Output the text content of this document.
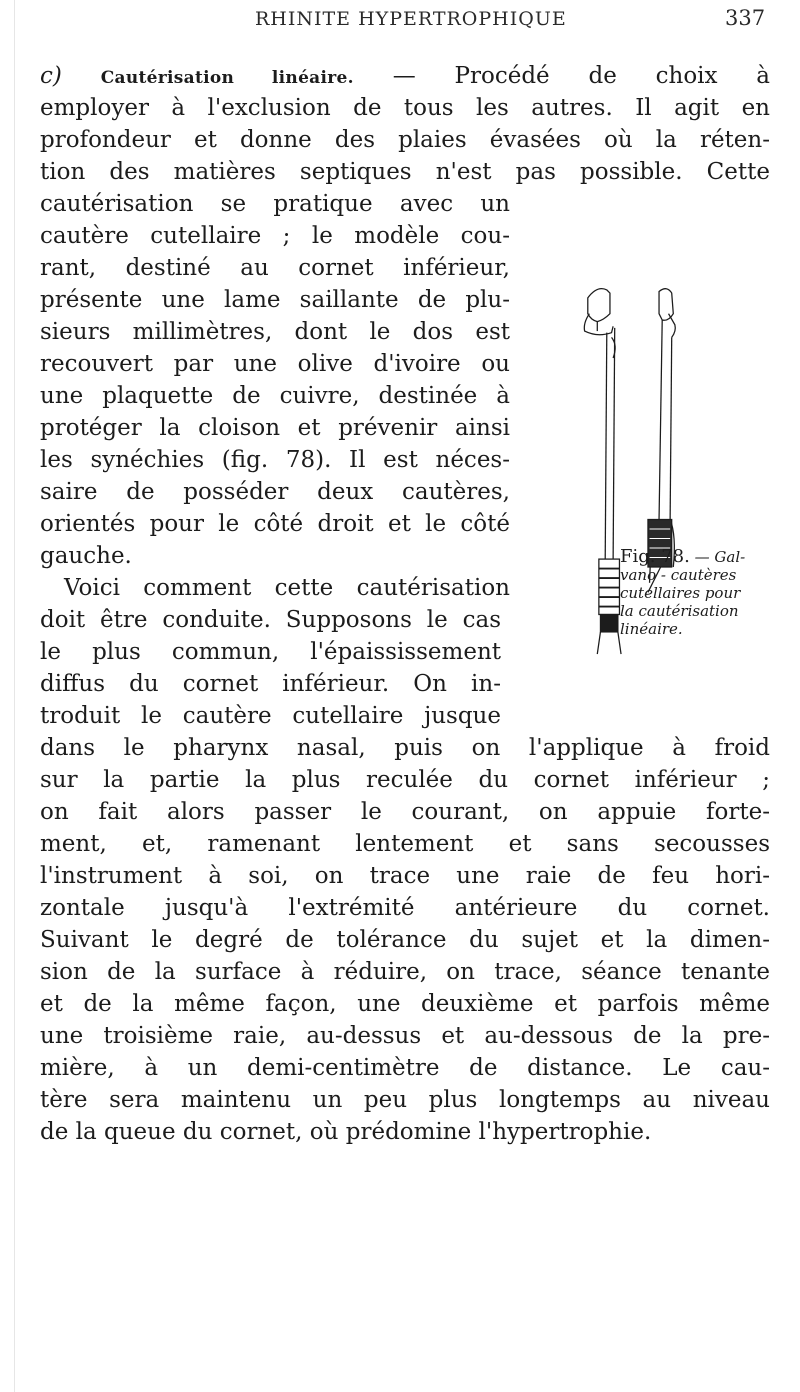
RHINITE HYPERTROPHIQUE	337
c) Cautérisation linéaire. — Procédé de choix à
employer à l'exclusion de tous les autres. Il agit en
profondeur et donne des plaies évasées où la réten-
tion des matières septiques n'est pas possible. Cette
cautérisation se pratique avec un
cautère cutellaire ; le modèle cou-
rant, destiné au cornet inférieur,
présente une lame saillante de plu-
sieurs millimètres, dont le dos est
recouvert par une olive d'ivoire ou
une plaquette de cuivre, destinée à
protéger la cloison et prévenir ainsi
les synéchies (fig. 78). Il est néces-
saire de posséder deux cautères,
orientés pour le côté droit et le côté
gauche.
Voici comment cette cautérisation
doit être conduite. Supposons le cas
le plus commun, l'épaississement
diffus du cornet inférieur. On in-
troduit le cautère cutellaire jusque
dans le pharynx nasal, puis on l'applique à froid
sur la partie la plus reculée du cornet inférieur ;
on fait alors passer le courant, on appuie forte-
ment, et, ramenant lentement et sans secousses
l'instrument à soi, on trace une raie de feu hori-
zontale jusqu'à l'extrémité antérieure du cornet.
Suivant le degré de tolérance du sujet et la dimen-
sion de la surface à réduire, on trace, séance tenante
et de la même façon, une deuxième et parfois même
une troisième raie, au-dessus et au-dessous de la pre-
mière, à un demi-centimètre de distance. Le cau-
tère sera maintenu un peu plus longtemps au niveau
de la queue du cornet, où prédomine l'hypertrophie.
Fig. 78. — Gal-
vano - cautères
cutellaires pour
la cautérisation
linéaire.
